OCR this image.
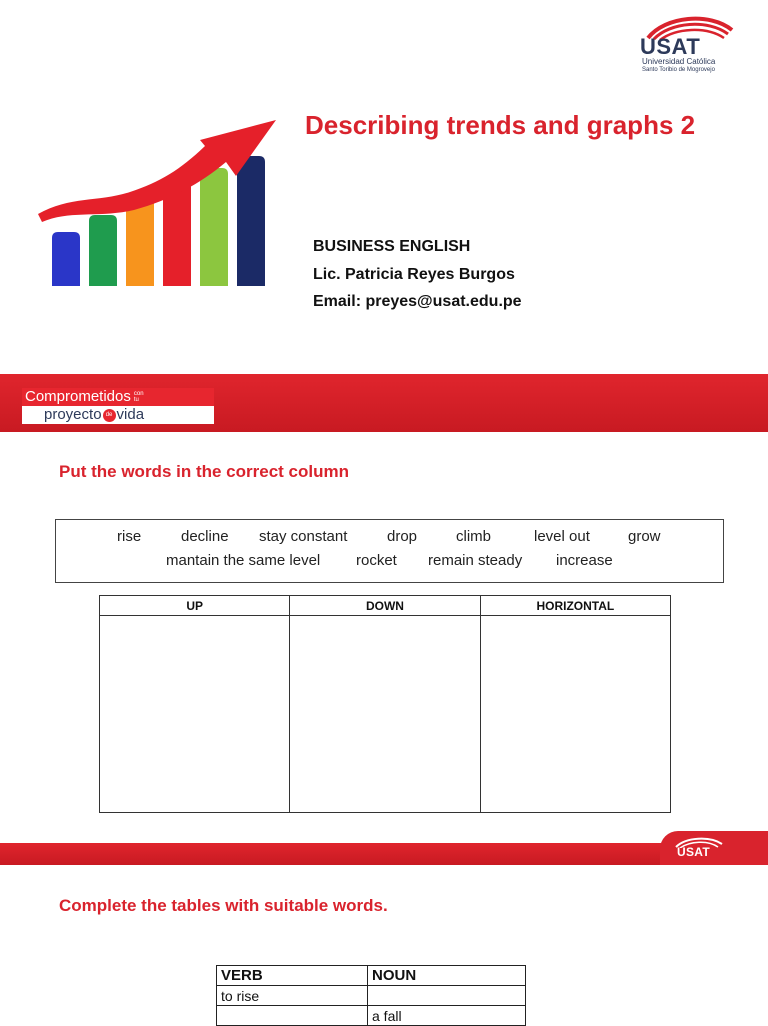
USAT
Universidad Católica
Santo Toribio de Mogrovejo
Describing trends and graphs 2
BUSINESS ENGLISH
Lic. Patricia Reyes Burgos
Email: preyes@usat.edu.pe
Comprometidos con
tu
proyecto de vida
Put the words in the correct column
rise	decline stay constant	drop	climb	level out	grow
mantain the same level rocket remain steady increase
UP	DOWN	HORIZONTAL

USAT
Complete the tables with suitable words.
VERB	NOUN
to rise	
	a fall
